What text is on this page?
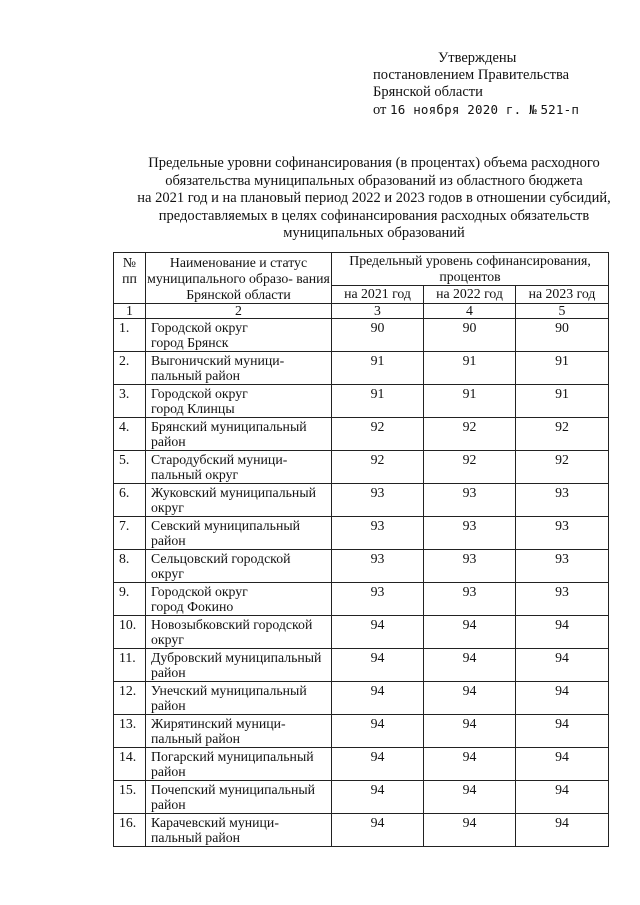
Утверждены
постановлением Правительства
Брянской области
от 16 ноября 2020 г. № 521-п
Предельные уровни софинансирования (в процентах) объема расходного
обязательства муниципальных образований из областного бюджета
на 2021 год и на плановый период 2022 и 2023 годов в отношении субсидий,
предоставляемых в целях софинансирования расходных обязательств
муниципальных образований
№ пп	Наименование и статус муниципального образо- вания Брянской области	Предельный уровень софинансирования, процентов		
		на 2021 год	на 2022 год	на 2023 год
1	2	3	4	5
1.	Городской округ
город Брянск	90	90	90
2.	Выгоничский муници-
пальный район	91	91	91
3.	Городской округ
город Клинцы	91	91	91
4.	Брянский муниципальный
район	92	92	92
5.	Стародубский муници-
пальный округ	92	92	92
6.	Жуковский муниципальный
округ	93	93	93
7.	Севский муниципальный
район	93	93	93
8.	Сельцовский городской
округ	93	93	93
9.	Городской округ
город Фокино	93	93	93
10.	Новозыбковский городской
округ	94	94	94
11.	Дубровский муниципальный
район	94	94	94
12.	Унечский муниципальный
район	94	94	94
13.	Жирятинский муници-
пальный район	94	94	94
14.	Погарский муниципальный
район	94	94	94
15.	Почепский муниципальный
район	94	94	94
16.	Карачевский муници-
пальный район	94	94	94
